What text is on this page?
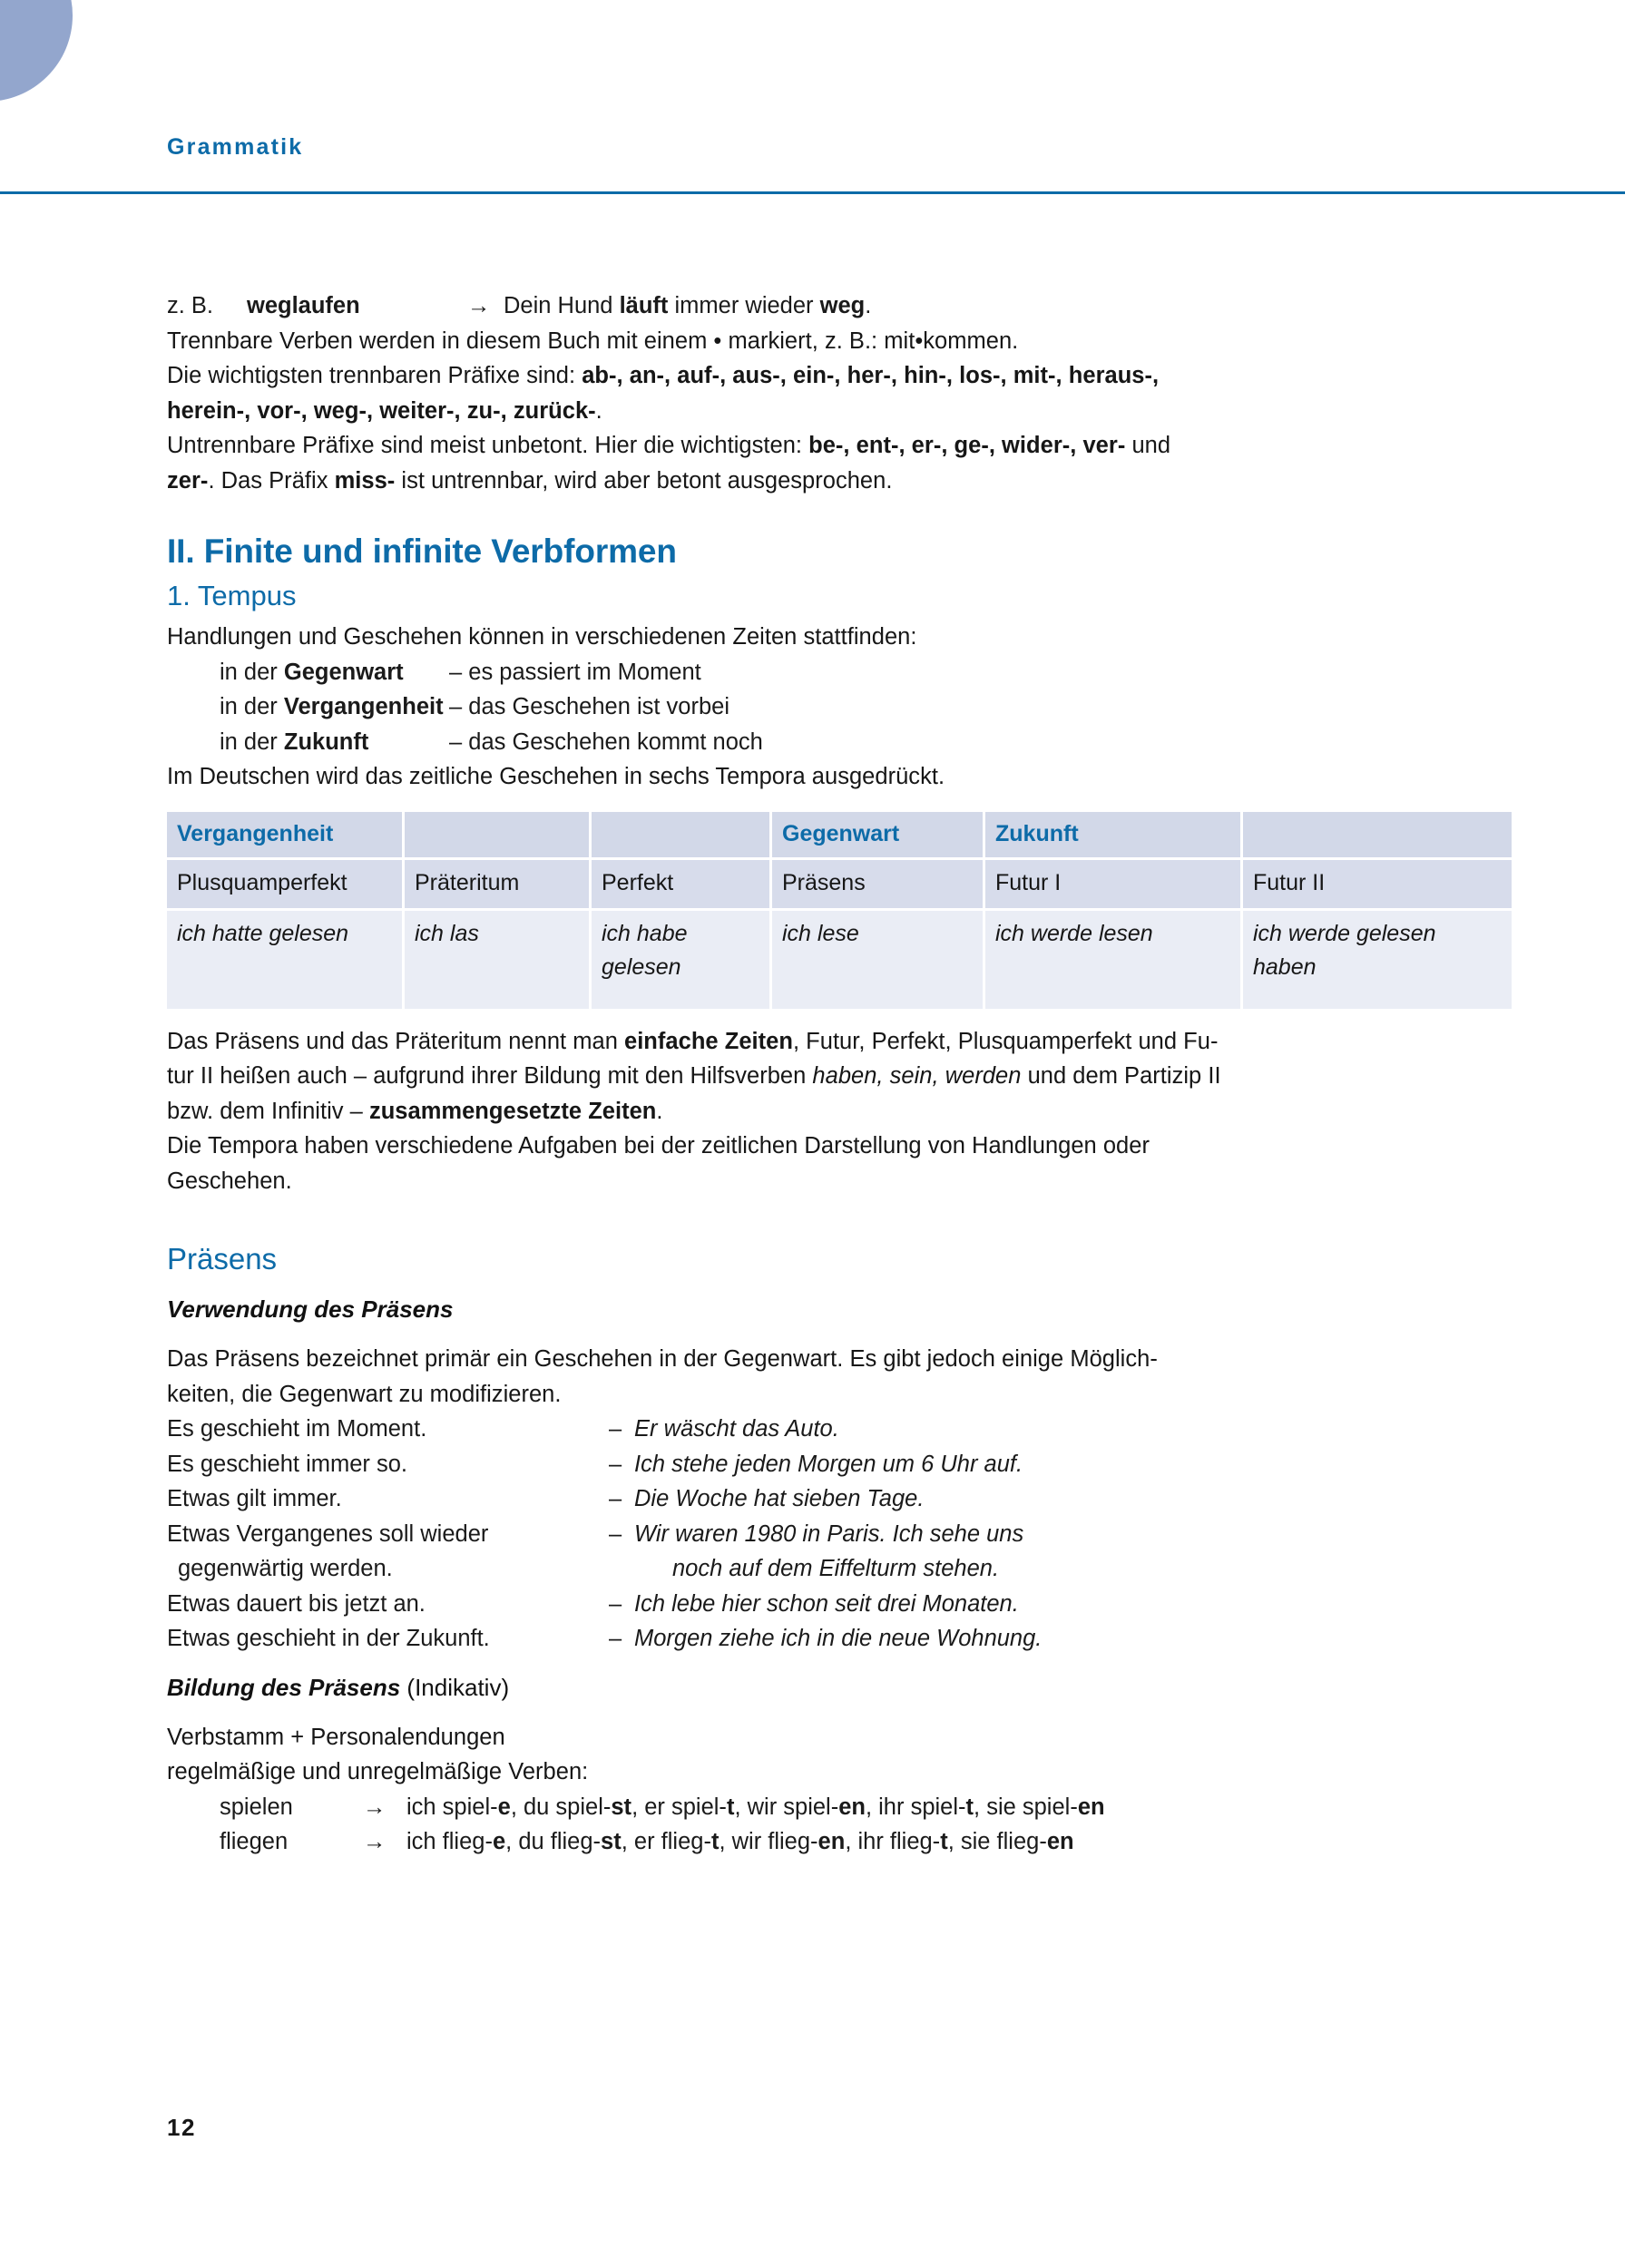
Grammatik
z. B.	weglaufen	→ Dein Hund läuft immer wieder weg.
Trennbare Verben werden in diesem Buch mit einem • markiert, z. B.: mit•kommen.
Die wichtigsten trennbaren Präfixe sind: ab-, an-, auf-, aus-, ein-, her-, hin-, los-, mit-, heraus-,
herein-, vor-, weg-, weiter-, zu-, zurück-.
Untrennbare Präfixe sind meist unbetont. Hier die wichtigsten: be-, ent-, er-, ge-, wider-, ver- und
zer-. Das Präfix miss- ist untrennbar, wird aber betont ausgesprochen.
II. Finite und infinite Verbformen
1. Tempus
Handlungen und Geschehen können in verschiedenen Zeiten stattfinden:
in der Gegenwart	– es passiert im Moment
in der Vergangenheit – das Geschehen ist vorbei
in der Zukunft	– das Geschehen kommt noch
Im Deutschen wird das zeitliche Geschehen in sechs Tempora ausgedrückt.
Vergangenheit			Gegenwart	Zukunft	
Plusquamperfekt	Präteritum	Perfekt	Präsens	Futur I	Futur II
ich hatte gelesen	ich las	ich habe gelesen	ich lese	ich werde lesen	ich werde gelesen haben
Das Präsens und das Präteritum nennt man einfache Zeiten, Futur, Perfekt, Plusquamperfekt und Fu-
tur II heißen auch – aufgrund ihrer Bildung mit den Hilfsverben haben, sein, werden und dem Partizip II
bzw. dem Infinitiv – zusammengesetzte Zeiten.
Die Tempora haben verschiedene Aufgaben bei der zeitlichen Darstellung von Handlungen oder
Geschehen.
Präsens
Verwendung des Präsens
Das Präsens bezeichnet primär ein Geschehen in der Gegenwart. Es gibt jedoch einige Möglich-
keiten, die Gegenwart zu modifizieren.
Es geschieht im Moment.	– Er wäscht das Auto.
Es geschieht immer so.	– Ich stehe jeden Morgen um 6 Uhr auf.
Etwas gilt immer.	– Die Woche hat sieben Tage.
Etwas Vergangenes soll wieder
gegenwärtig werden.
– Wir waren 1980 in Paris. Ich sehe uns
noch auf dem Eiffelturm stehen.
Etwas dauert bis jetzt an.	– Ich lebe hier schon seit drei Monaten.
Etwas geschieht in der Zukunft.	– Morgen ziehe ich in die neue Wohnung.
Bildung des Präsens (Indikativ)
Verbstamm + Personalendungen
regelmäßige und unregelmäßige Verben:
spielen	→ ich spiel-e, du spiel-st, er spiel-t, wir spiel-en, ihr spiel-t, sie spiel-en
fliegen	→ ich flieg-e, du flieg-st, er flieg-t, wir flieg-en, ihr flieg-t, sie flieg-en
12
